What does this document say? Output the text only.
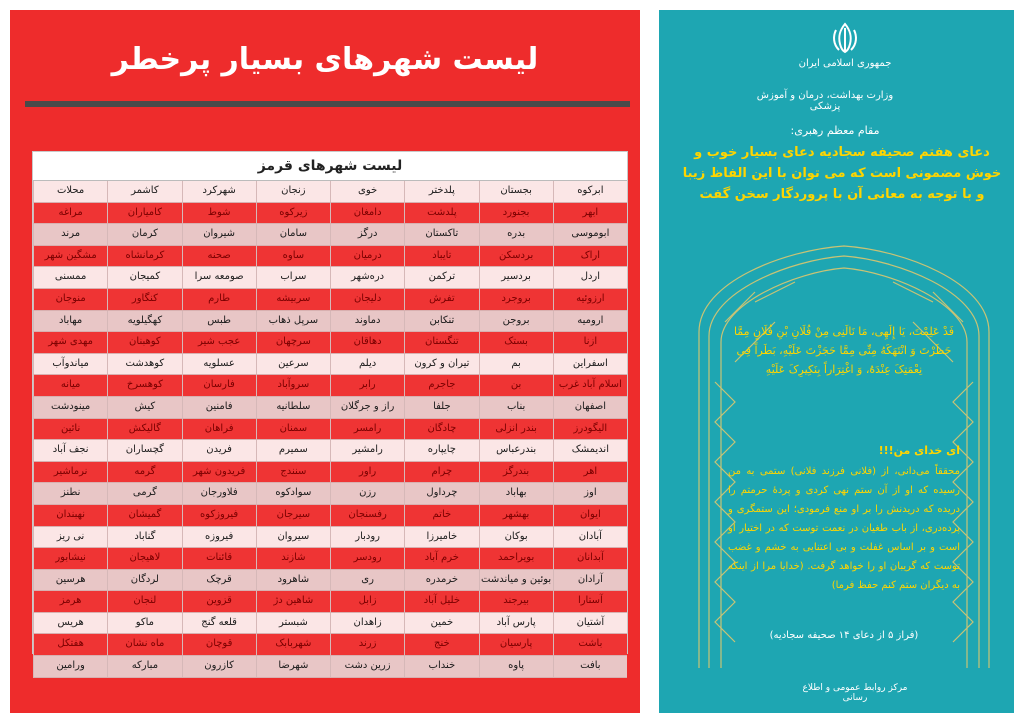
لیست شهرهای بسیار پرخطر
لیست شهرهای قرمز
ابرکوه
بجستان
پلدختر
خوی
زنجان
شهرکرد
کاشمر
محلات
ابهر
بجنورد
پلدشت
دامغان
زیرکوه
شوط
کامیاران
مراغه
ابوموسی
بدره
تاکستان
درگز
سامان
شیروان
کرمان
مرند
اراک
بردسکن
تایباد
درمیان
ساوه
صحنه
کرمانشاه
مشگین شهر
اردل
بردسیر
ترکمن
دره‌شهر
سراب
صومعه سرا
کمیجان
ممسنی
ارزوئیه
بروجرد
تفرش
دلیجان
سربیشه
طارم
کنگاور
منوجان
ارومیه
بروجن
تنکابن
دماوند
سرپل ذهاب
طبس
کهگیلویه
مهاباد
ازنا
بستک
تنگستان
دهاقان
سرچهان
عجب شیر
کوهبنان
مهدی شهر
اسفراین
بم
تیران و کرون
دیلم
سرعین
عسلویه
کوهدشت
میاندوآب
اسلام آباد غرب
بن
جاجرم
رابر
سروآباد
فارسان
کوهسرخ
میانه
اصفهان
بناب
جلفا
راز و جرگلان
سلطانیه
فامنین
کیش
مینودشت
الیگودرز
بندر انزلی
چادگان
رامسر
سمنان
فراهان
گالیکش
نائین
اندیمشک
بندرعباس
چایپاره
رامشیر
سمیرم
فریدن
گچساران
نجف آباد
اهر
بندرگز
چرام
راور
سنندج
فریدون شهر
گرمه
نرماشیر
اوز
بهاباد
چرداول
رزن
سوادکوه
فلاورجان
گرمی
نطنز
ایوان
بهشهر
خاتم
رفسنجان
سیرجان
فیروزکوه
گمیشان
نهبندان
آبادان
بوکان
خامیرزا
رودبار
سیروان
فیروزه
گناباد
نی ریز
آبدانان
بویراحمد
خرم آباد
رودسر
شازند
قائنات
لاهیجان
نیشابور
آرادان
بوئین و میاندشت
خرمدره
ری
شاهرود
قرچک
لردگان
هرسین
آستارا
بیرجند
خلیل آباد
زابل
شاهین دژ
قزوین
لنجان
هرمز
آشتیان
پارس آباد
خمین
زاهدان
شبستر
قلعه گنج
ماکو
هریس
باشت
پارسیان
خنج
زرند
شهربابک
قوچان
ماه نشان
هفتکل
بافت
پاوه
خنداب
زرین دشت
شهرضا
کازرون
مبارکه
ورامین
جمهوری اسلامی ایران
وزارت بهداشت، درمان و آموزش پزشکی
مقام معظم رهبری:
دعای هفتم صحیفه سجادیه دعای بسیار خوب و خوش مضمونی است که می توان با این الفاظ زیبا و با توجه به معانی آن با پروردگار سخن گفت
فَدْ عَلِمْتَ، یَا إِلَهِی، مَا نَالَنِی مِنْ فُلَانِ بْنِ فُلَانٍ مِمَّا حَظَرْتَ وَ انْتَهَکَهُ مِنِّی مِمَّا حَجَزْتَ عَلَیْهِ، بَطَراً فِی نِعْمَتِکَ عِنْدَهُ، وَ اغْتِرَاراً بِنَکِیرِکَ عَلَیْهِ
ای خدای من!!!
محققاً می‌دانی، از (فلانی فرزند فلانی) ستمی به من رسیده که او از آن ستم نهی کردی و پردۀ حرمتم را دریده که دریدنش را بر او منع فرمودی؛ این ستمگری و پرده‌دری، از باب طغیان در نعمت توست که در اختیار او است و بر اساس غفلت و بی اعتنایی به خشم و غضب توست که گریبان او را خواهد گرفت. (خدایا مرا از اینکه به دیگران ستم کنم حفظ فرما)
(فراز ۵ از دعای ۱۴ صحیفه سجادیه)
مرکز روابط عمومی و اطلاع رسانی
